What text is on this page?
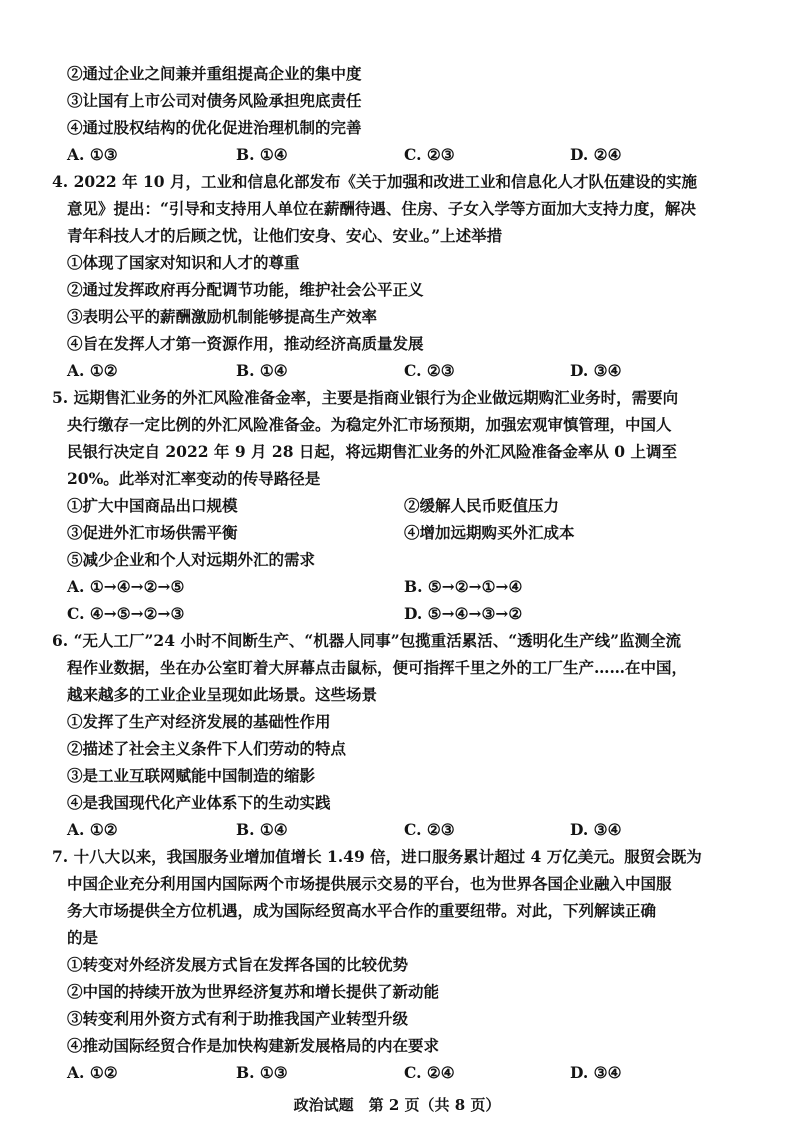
②通过企业之间兼并重组提高企业的集中度
③让国有上市公司对债务风险承担兜底责任
④通过股权结构的优化促进治理机制的完善
A. ①③	B. ①④	C. ②③	D. ②④
4. 2022 年 10 月，工业和信息化部发布《关于加强和改进工业和信息化人才队伍建设的实施
意见》提出：“引导和支持用人单位在薪酬待遇、住房、子女入学等方面加大支持力度，解决
青年科技人才的后顾之忧，让他们安身、安心、安业。”上述举措
①体现了国家对知识和人才的尊重
②通过发挥政府再分配调节功能，维护社会公平正义
③表明公平的薪酬激励机制能够提高生产效率
④旨在发挥人才第一资源作用，推动经济高质量发展
A. ①②	B. ①④	C. ②③	D. ③④
5. 远期售汇业务的外汇风险准备金率，主要是指商业银行为企业做远期购汇业务时，需要向
央行缴存一定比例的外汇风险准备金。为稳定外汇市场预期，加强宏观审慎管理，中国人
民银行决定自 2022 年 9 月 28 日起，将远期售汇业务的外汇风险准备金率从 0 上调至
20%。此举对汇率变动的传导路径是
①扩大中国商品出口规模	②缓解人民币贬值压力
③促进外汇市场供需平衡	④增加远期购买外汇成本
⑤减少企业和个人对远期外汇的需求
A. ①→④→②→⑤	B. ⑤→②→①→④
C. ④→⑤→②→③	D. ⑤→④→③→②
6. “无人工厂”24 小时不间断生产、“机器人同事”包揽重活累活、“透明化生产线”监测全流
程作业数据，坐在办公室盯着大屏幕点击鼠标，便可指挥千里之外的工厂生产……在中国，
越来越多的工业企业呈现如此场景。这些场景
①发挥了生产对经济发展的基础性作用
②描述了社会主义条件下人们劳动的特点
③是工业互联网赋能中国制造的缩影
④是我国现代化产业体系下的生动实践
A. ①②	B. ①④	C. ②③	D. ③④
7. 十八大以来，我国服务业增加值增长 1.49 倍，进口服务累计超过 4 万亿美元。服贸会既为
中国企业充分利用国内国际两个市场提供展示交易的平台，也为世界各国企业融入中国服
务大市场提供全方位机遇，成为国际经贸高水平合作的重要纽带。对此，下列解读正确
的是
①转变对外经济发展方式旨在发挥各国的比较优势
②中国的持续开放为世界经济复苏和增长提供了新动能
③转变利用外资方式有利于助推我国产业转型升级
④推动国际经贸合作是加快构建新发展格局的内在要求
A. ①②	B. ①③	C. ②④	D. ③④
政治试题　第 2 页（共 8 页）
